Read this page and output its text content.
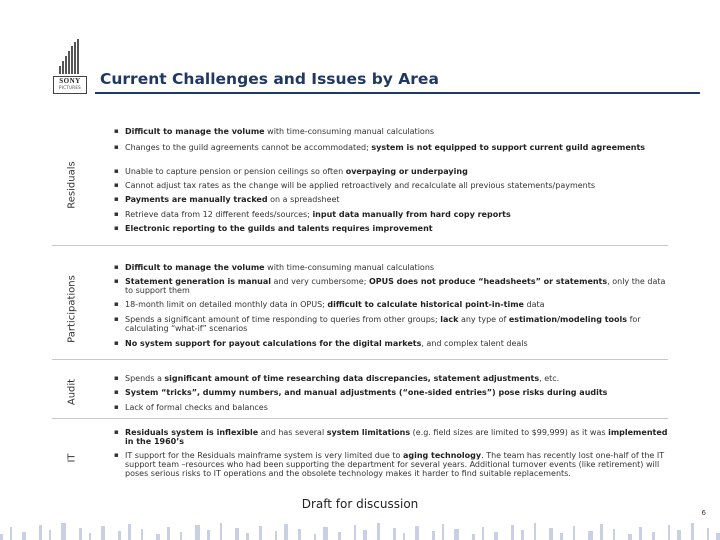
SONY
PICTURES	Current Challenges and Issues by Area
Residuals
▪ Difficult to manage the volume with time-consuming manual calculations
▪ Changes to the guild agreements cannot be accommodated; system is not equipped to support current guild agreements
▪ Unable to capture pension or pension ceilings so often overpaying or underpaying
▪ Cannot adjust tax rates as the change will be applied retroactively and recalculate all previous statements/payments
▪ Payments are manually tracked on a spreadsheet
▪ Retrieve data from 12 different feeds/sources; input data manually from hard copy reports
▪ Electronic reporting to the guilds and talents requires improvement
Participations
▪ Difficult to manage the volume with time-consuming manual calculations
▪ Statement generation is manual and very cumbersome; OPUS does not produce “headsheets” or statements, only the data to support them
▪ 18-month limit on detailed monthly data in OPUS; difficult to calculate historical point-in-time data
▪ Spends a significant amount of time responding to queries from other groups; lack any type of estimation/modeling tools for calculating “what-if” scenarios
▪ No system support for payout calculations for the digital markets, and complex talent deals
Audit
▪ Spends a significant amount of time researching data discrepancies, statement adjustments, etc.
▪ System “tricks”, dummy numbers, and manual adjustments (“one-sided entries”) pose risks during audits
▪ Lack of formal checks and balances
IT
▪ Residuals system is inflexible and has several system limitations (e.g. field sizes are limited to $99,999) as it was implemented in the 1960’s
▪ IT support for the Residuals mainframe system is very limited due to aging technology. The team has recently lost one-half of the IT support team –resources who had been supporting the department for several years. Additional turnover events (like retirement) will poses serious risks to IT operations and the obsolete technology makes it harder to find suitable replacements.
Draft for discussion
6
